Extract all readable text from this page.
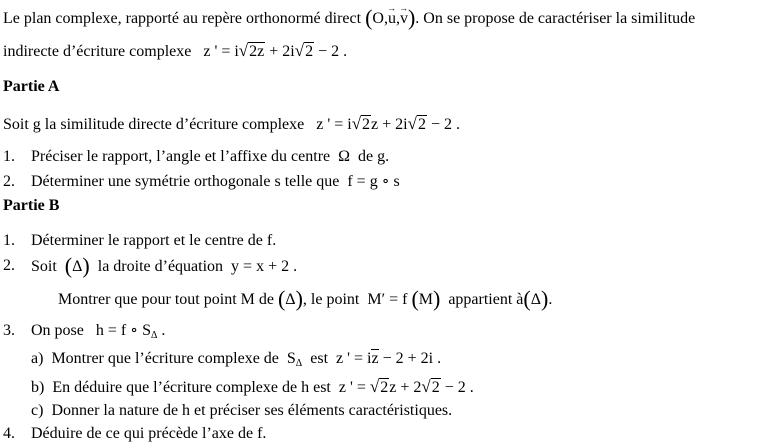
Le plan complexe, rapporté au repère orthonormé direct (O,→ u,→ v). On se propose de caractériser la similitude
indirecte d’écriture complexe z ' = i√2z + 2i√2 − 2 .
Partie A
Soit g la similitude directe d’écriture complexe z ' = i√2z + 2i√2 − 2 .
1. Préciser le rapport, l’angle et l’affixe du centre  Ω  de g.
2. Déterminer une symétrie orthogonale s telle que  f = g ∘ s
Partie B
1. Déterminer le rapport et le centre de f.
2. Soit (Δ) la droite d’équation  y = x + 2 .
Montrer que pour tout point M de (Δ), le point  M′ = f (M) appartient à(Δ).
3. On pose   h = f ∘ $S_\Delta$ .
a) Montrer que l’écriture complexe de  $S_\Delta$ est  z ' = iz − 2 + 2i .
b) En déduire que l’écriture complexe de h est  z ' = √2z + 2√2 − 2 .
c) Donner la nature de h et préciser ses éléments caractéristiques.
4. Déduire de ce qui précède l’axe de f.
